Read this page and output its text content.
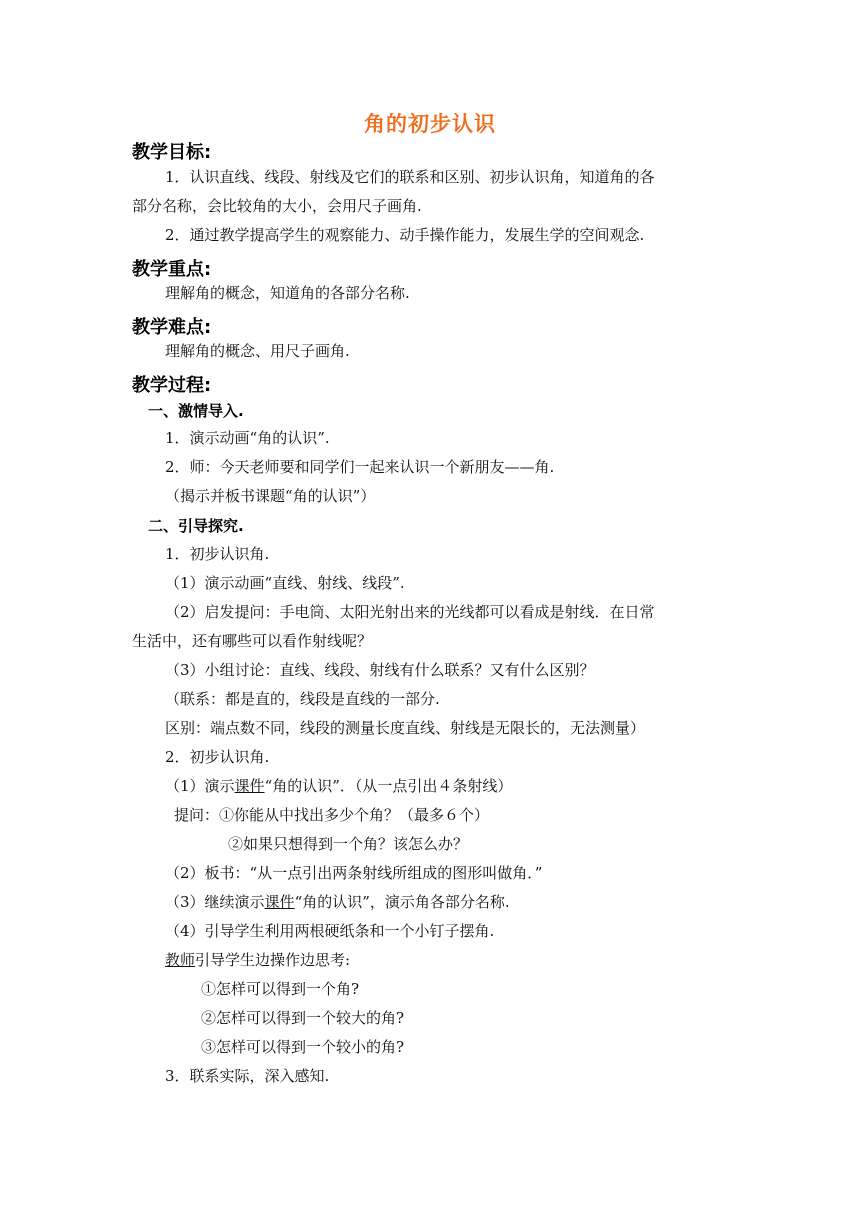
角的初步认识
教学目标:
1．认识直线、线段、射线及它们的联系和区别、初步认识角，知道角的各
部分名称，会比较角的大小，会用尺子画角.
2．通过教学提高学生的观察能力、动手操作能力，发展生学的空间观念.
教学重点:
理解角的概念，知道角的各部分名称.
教学难点:
理解角的概念、用尺子画角.
教学过程:
一、激情导入.
1．演示动画“角的认识”.
2．师：今天老师要和同学们一起来认识一个新朋友——角.
（揭示并板书课题“角的认识”）
二、引导探究.
1．初步认识角.
（1）演示动画“直线、射线、线段”.
（2）启发提问：手电筒、太阳光射出来的光线都可以看成是射线．在日常
生活中，还有哪些可以看作射线呢？
（3）小组讨论：直线、线段、射线有什么联系？又有什么区别？
（联系：都是直的，线段是直线的一部分.
区别：端点数不同，线段的测量长度直线、射线是无限长的，无法测量）
2．初步认识角.
（1）演示课件“角的认识”．（从一点引出４条射线）
提问：①你能从中找出多少个角？（最多６个）
②如果只想得到一个角？该怎么办？
（2）板书：“从一点引出两条射线所组成的图形叫做角．”
（3）继续演示课件“角的认识”，演示角各部分名称.
（4）引导学生利用两根硬纸条和一个小钉子摆角.
教师引导学生边操作边思考:
①怎样可以得到一个角?
②怎样可以得到一个较大的角?
③怎样可以得到一个较小的角?
3．联系实际，深入感知.
